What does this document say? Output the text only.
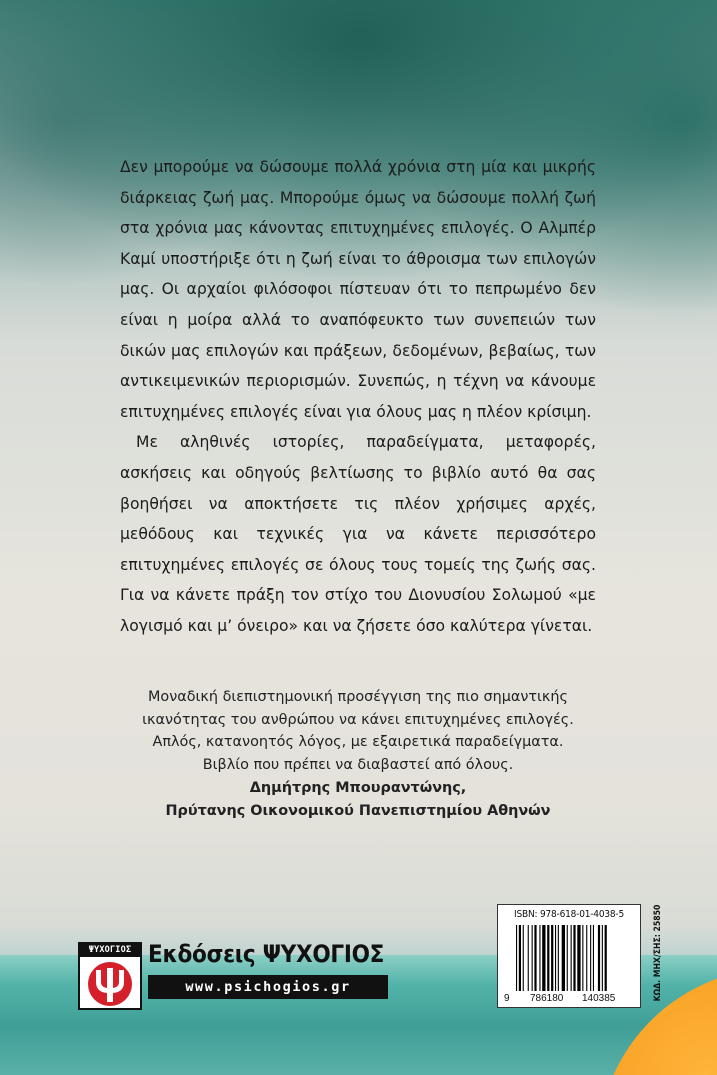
Δεν μπορούμε να δώσουμε πολλά χρόνια στη μία και μικρής διάρκειας ζωή μας. Μπορούμε όμως να δώσουμε πολλή ζωή στα χρόνια μας κάνοντας επιτυχημένες επιλογές. Ο Αλμπέρ Καμί υποστήριξε ότι η ζωή είναι το άθροισμα των επιλογών μας. Οι αρχαίοι φιλόσοφοι πίστευαν ότι το πεπρωμένο δεν είναι η μοίρα αλλά το αναπόφευκτο των συνεπειών των δικών μας επιλογών και πράξεων, δεδομένων, βεβαίως, των αντικειμενικών περιορισμών. Συνεπώς, η τέχνη να κάνουμε επιτυχημένες επιλογές είναι για όλους μας η πλέον κρίσιμη.

Με αληθινές ιστορίες, παραδείγματα, μεταφορές, ασκήσεις και οδηγούς βελτίωσης το βιβλίο αυτό θα σας βοηθήσει να αποκτήσετε τις πλέον χρήσιμες αρχές, μεθόδους και τεχνικές για να κάνετε περισσότερο επιτυχημένες επιλογές σε όλους τους τομείς της ζωής σας. Για να κάνετε πράξη τον στίχο του Διονυσίου Σολωμού «με λογισμό και μ’ όνειρο» και να ζήσετε όσο καλύτερα γίνεται.

Μοναδική διεπιστημονική προσέγγιση της πιο σημαντικής
ικανότητας του ανθρώπου να κάνει επιτυχημένες επιλογές.
Απλός, κατανοητός λόγος, με εξαιρετικά παραδείγματα.
Βιβλίο που πρέπει να διαβαστεί από όλους.
Δημήτρης Μπουραντώνης,
Πρύτανης Οικονομικού Πανεπιστημίου Αθηνών
ΨΥΧΟΓΙΟΣ Εκδόσεις ΨΥΧΟΓΙΟΣ
www.psichogios.gr
ISBN: 978-618-01-4038-5
9 786180 140385	ΚΩΔ. ΜΗΧ/ΣΗΣ: 25850
